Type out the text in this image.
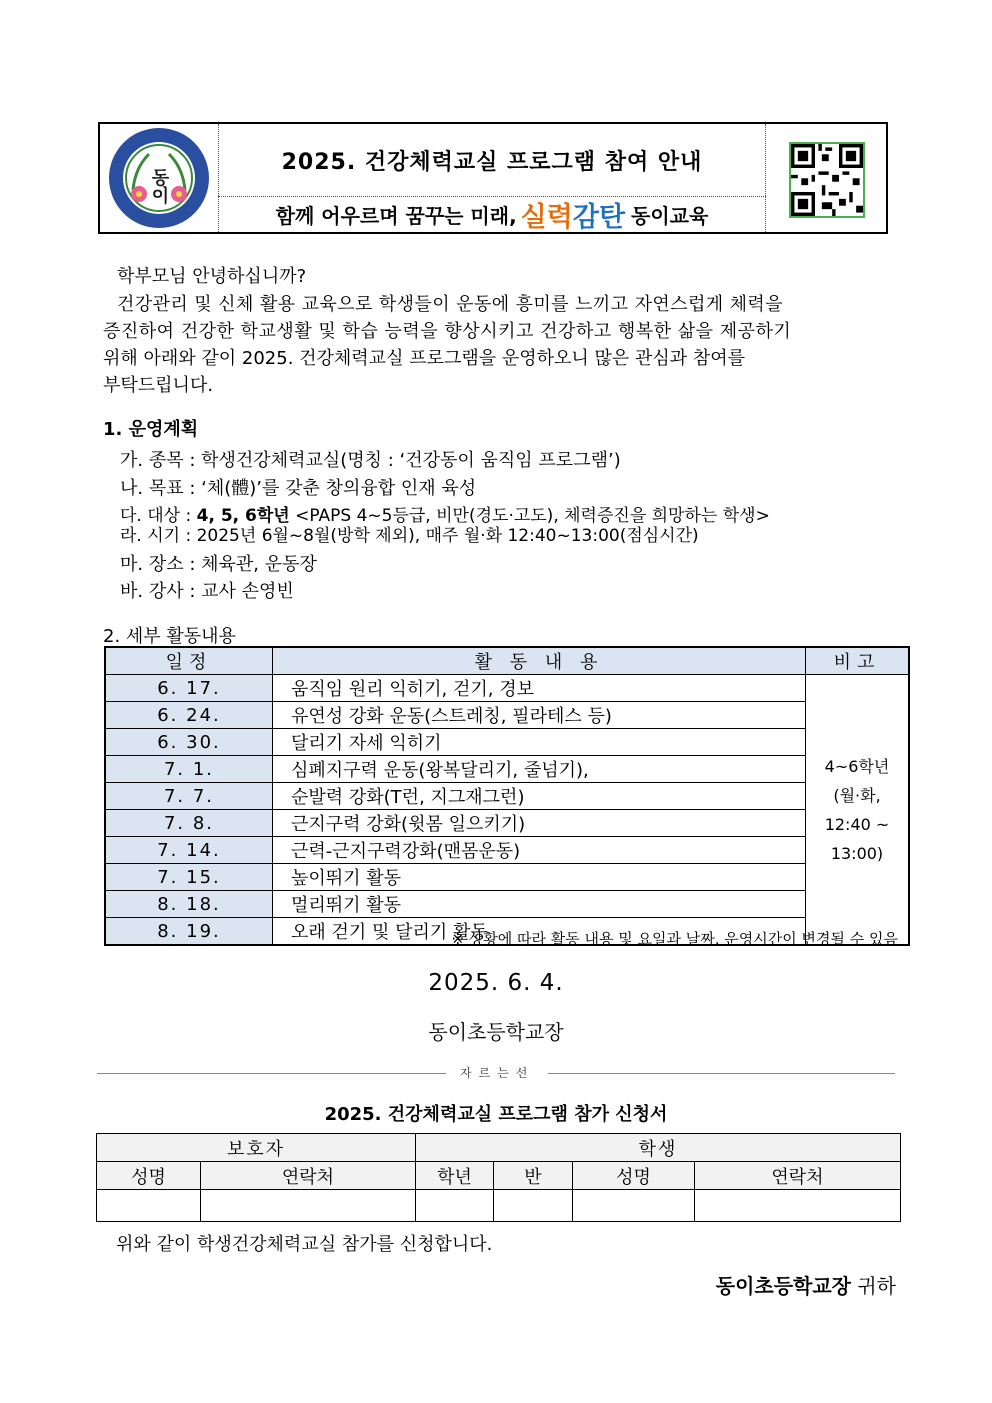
동이
2025. 건강체력교실 프로그램 참여 안내
함께 어우르며 꿈꾸는 미래, 실력감탄 동이교육
학부모님 안녕하십니까?
건강관리 및 신체 활용 교육으로 학생들이 운동에 흥미를 느끼고 자연스럽게 체력을
증진하여 건강한 학교생활 및 학습 능력을 향상시키고 건강하고 행복한 삶을 제공하기
위해 아래와 같이 2025. 건강체력교실 프로그램을 운영하오니 많은 관심과 참여를
부탁드립니다.
1. 운영계획
가. 종목 : 학생건강체력교실(명칭 : ‘건강동이 움직임 프로그램’)
나. 목표 : ‘체(體)’를 갖춘 창의융합 인재 육성
다. 대상 : 4, 5, 6학년 <PAPS 4~5등급, 비만(경도·고도), 체력증진을 희망하는 학생>
라. 시기 : 2025년 6월~8월(방학 제외), 매주 월·화 12:40~13:00(점심시간)
마. 장소 : 체육관, 운동장
바. 강사 : 교사 손영빈
2. 세부 활동내용
일정	활 동 내 용	비고
6. 17.	움직임 원리 익히기, 걷기, 경보	4~6학년
(월·화,
12:40 ~
13:00)

6. 24.	유연성 강화 운동(스트레칭, 필라테스 등)	
6. 30.	달리기 자세 익히기	
7. 1.	심폐지구력 운동(왕복달리기, 줄넘기),	
7. 7.	순발력 강화(T런, 지그재그런)	
7. 8.	근지구력 강화(윗몸 일으키기)	
7. 14.	근력-근지구력강화(맨몸운동)	
7. 15.	높이뛰기 활동	
8. 18.	멀리뛰기 활동	
8. 19.	오래 걷기 및 달리기 활동	
※ 상황에 따라 활동 내용 및 요일과 날짜, 운영시간이 변경될 수 있음
2025. 6. 4.
동이초등학교장
자르는선
2025. 건강체력교실 프로그램 참가 신청서
보호자		학생			
성명	연락처	학년	반	성명	연락처

위와 같이 학생건강체력교실 참가를 신청합니다.
동이초등학교장 귀하
